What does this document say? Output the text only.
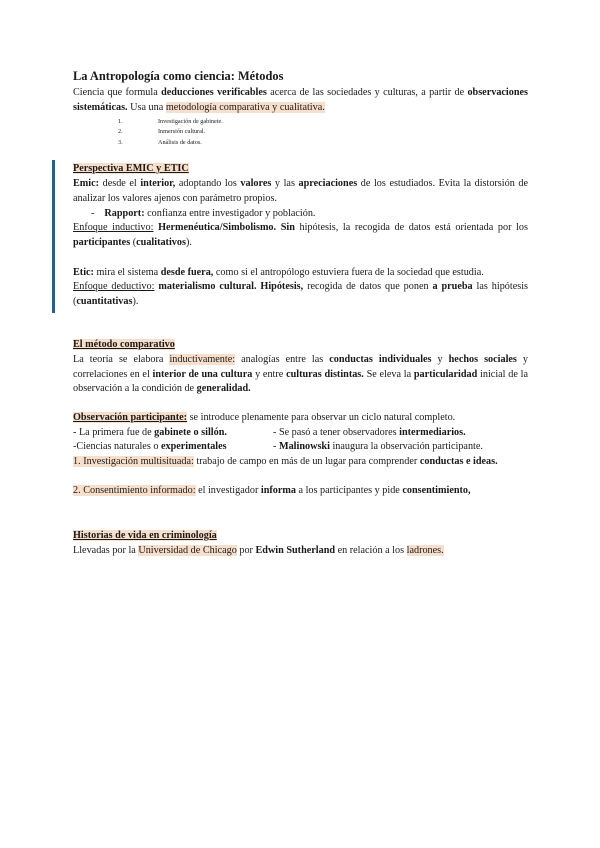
La Antropología como ciencia: Métodos
Ciencia que formula deducciones verificables acerca de las sociedades y culturas, a partir de observaciones sistemáticas. Usa una metodología comparativa y cualitativa.
1.	Investigación de gabinete.
2.	Inmersión cultural.
3.	Análisis de datos.
Perspectiva EMIC y ETIC
Emic: desde el interior, adoptando los valores y las apreciaciones de los estudiados. Evita la distorsión de analizar los valores ajenos con parámetro propios.
- Rapport: confianza entre investigador y población.
Enfoque inductivo: Hermenéutica/Simbolismo. Sin hipótesis, la recogida de datos está orientada por los participantes (cualitativos).
Etic: mira el sistema desde fuera, como si el antropólogo estuviera fuera de la sociedad que estudia.
Enfoque deductivo: materialismo cultural. Hipótesis, recogida de datos que ponen a prueba las hipótesis (cuantitativas).
El método comparativo
La teoría se elabora inductivamente: analogías entre las conductas individuales y hechos sociales y correlaciones en el interior de una cultura y entre culturas distintas. Se eleva la particularidad inicial de la observación a la condición de generalidad.
Observación participante: se introduce plenamente para observar un ciclo natural completo.
- La primera fue de gabinete o sillón.	- Se pasó a tener observadores intermediarios.
-Ciencias naturales o experimentales	- Malinowski inaugura la observación participante.
1. Investigación multisituada: trabajo de campo en más de un lugar para comprender conductas e ideas.
2. Consentimiento informado: el investigador informa a los participantes y pide consentimiento,
Historias de vida en criminología
Llevadas por la Universidad de Chicago por Edwin Sutherland en relación a los ladrones.
